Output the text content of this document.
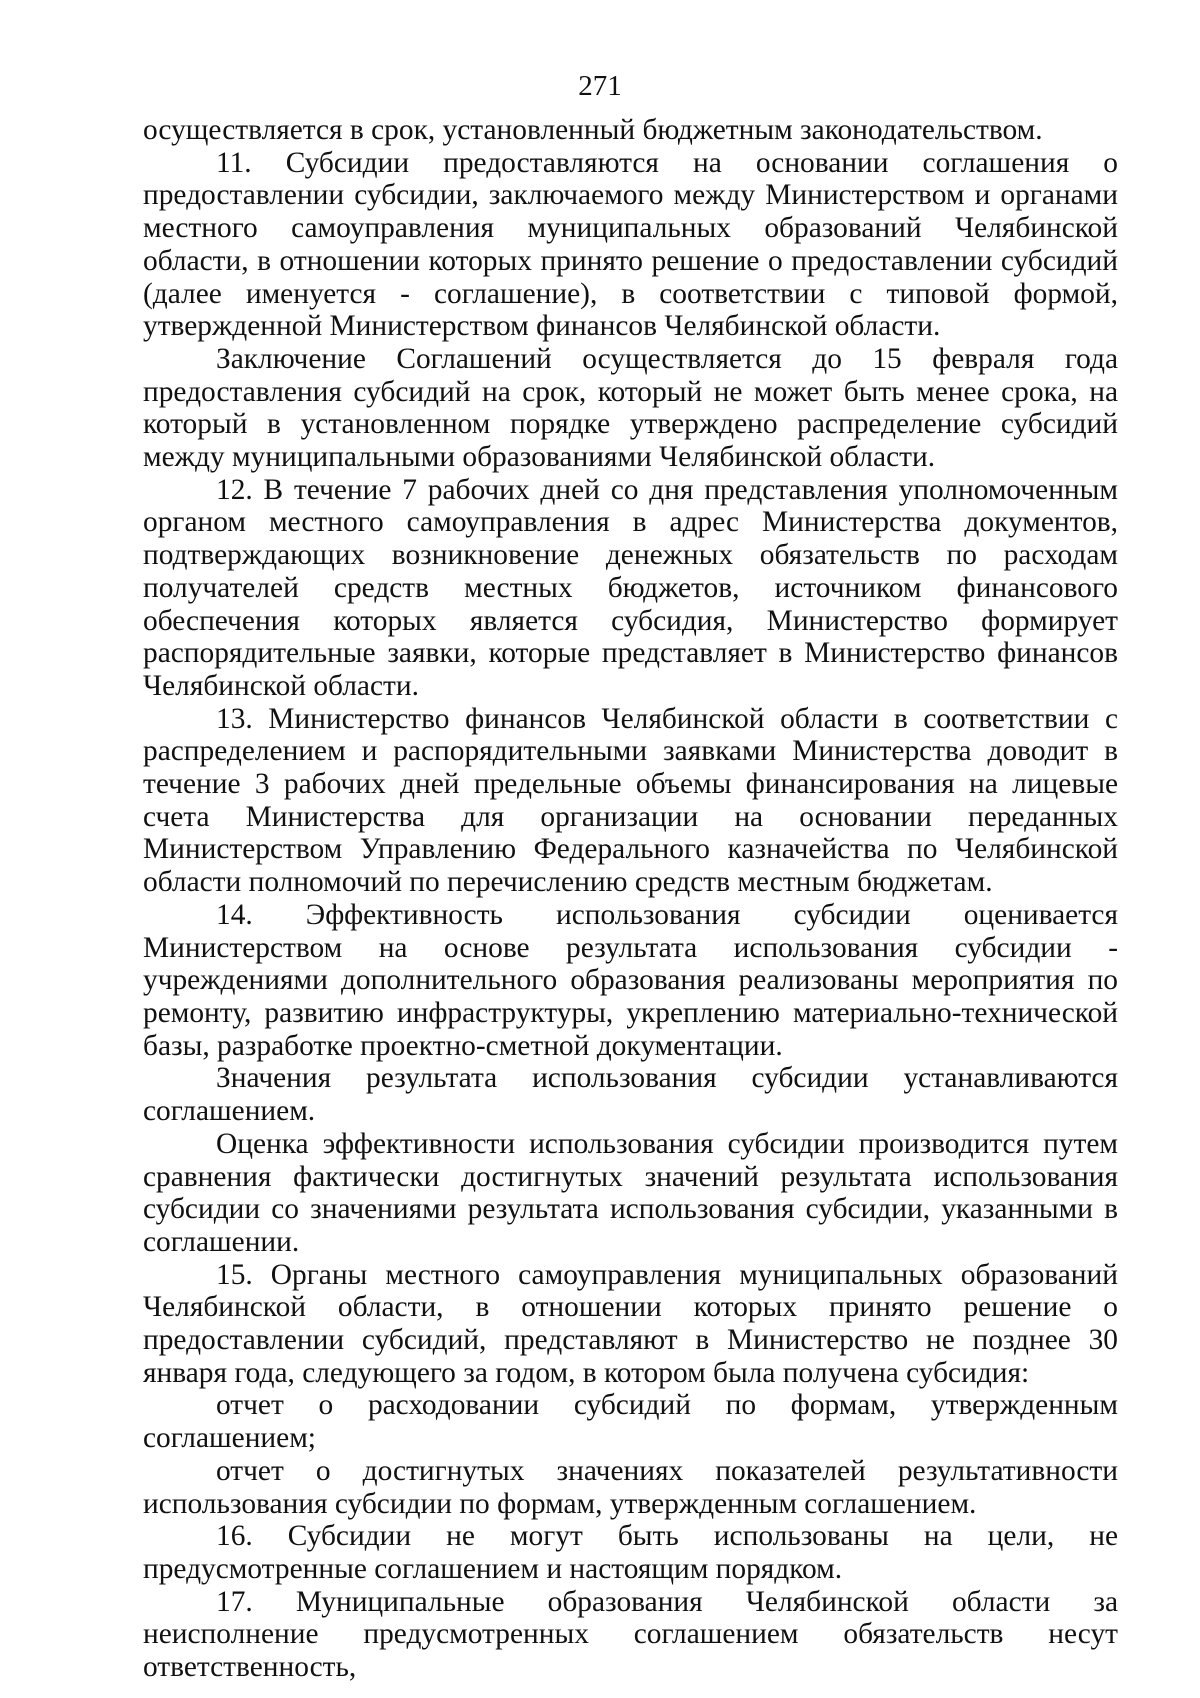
271

осуществляется в срок, установленный бюджетным законодательством.

11. Субсидии предоставляются на основании соглашения о предоставлении субсидии, заключаемого между Министерством и органами местного самоуправления муниципальных образований Челябинской области, в отношении которых принято решение о предоставлении субсидий (далее именуется - соглашение), в соответствии с типовой формой, утвержденной Министерством финансов Челябинской области.

Заключение Соглашений осуществляется до 15 февраля года предоставления субсидий на срок, который не может быть менее срока, на который в установленном порядке утверждено распределение субсидий между муниципальными образованиями Челябинской области.

12. В течение 7 рабочих дней со дня представления уполномоченным органом местного самоуправления в адрес Министерства документов, подтверждающих возникновение денежных обязательств по расходам получателей средств местных бюджетов, источником финансового обеспечения которых является субсидия, Министерство формирует распорядительные заявки, которые представляет в Министерство финансов Челябинской области.

13. Министерство финансов Челябинской области в соответствии с распределением и распорядительными заявками Министерства доводит в течение 3 рабочих дней предельные объемы финансирования на лицевые счета Министерства для организации на основании переданных Министерством Управлению Федерального казначейства по Челябинской области полномочий по перечислению средств местным бюджетам.

14. Эффективность использования субсидии оценивается Министерством на основе результата использования субсидии - учреждениями дополнительного образования реализованы мероприятия по ремонту, развитию инфраструктуры, укреплению материально-технической базы, разработке проектно-сметной документации.

Значения результата использования субсидии устанавливаются соглашением.

Оценка эффективности использования субсидии производится путем сравнения фактически достигнутых значений результата использования субсидии со значениями результата использования субсидии, указанными в соглашении.

15. Органы местного самоуправления муниципальных образований Челябинской области, в отношении которых принято решение о предоставлении субсидий, представляют в Министерство не позднее 30 января года, следующего за годом, в котором была получена субсидия:

отчет о расходовании субсидий по формам, утвержденным соглашением;

отчет о достигнутых значениях показателей результативности использования субсидии по формам, утвержденным соглашением.

16. Субсидии не могут быть использованы на цели, не предусмотренные соглашением и настоящим порядком.

17. Муниципальные образования Челябинской области за неисполнение предусмотренных соглашением обязательств несут ответственность,
